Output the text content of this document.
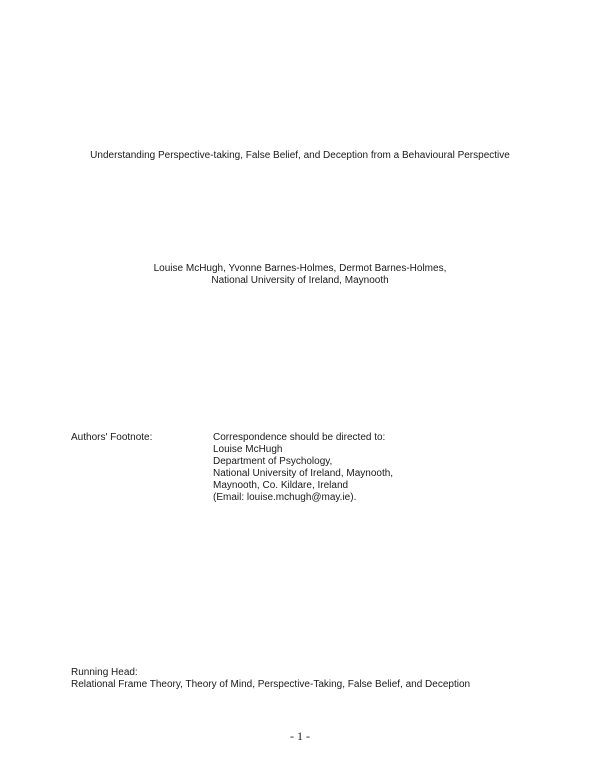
Understanding Perspective-taking, False Belief, and Deception from a Behavioural Perspective
Louise McHugh, Yvonne Barnes-Holmes, Dermot Barnes-Holmes,
National University of Ireland, Maynooth
Authors' Footnote:	Correspondence should be directed to:
Louise McHugh
Department of Psychology,
National University of Ireland, Maynooth,
Maynooth, Co. Kildare, Ireland
(Email: louise.mchugh@may.ie).
Running Head:
Relational Frame Theory, Theory of Mind, Perspective-Taking, False Belief, and Deception
- 1 -
